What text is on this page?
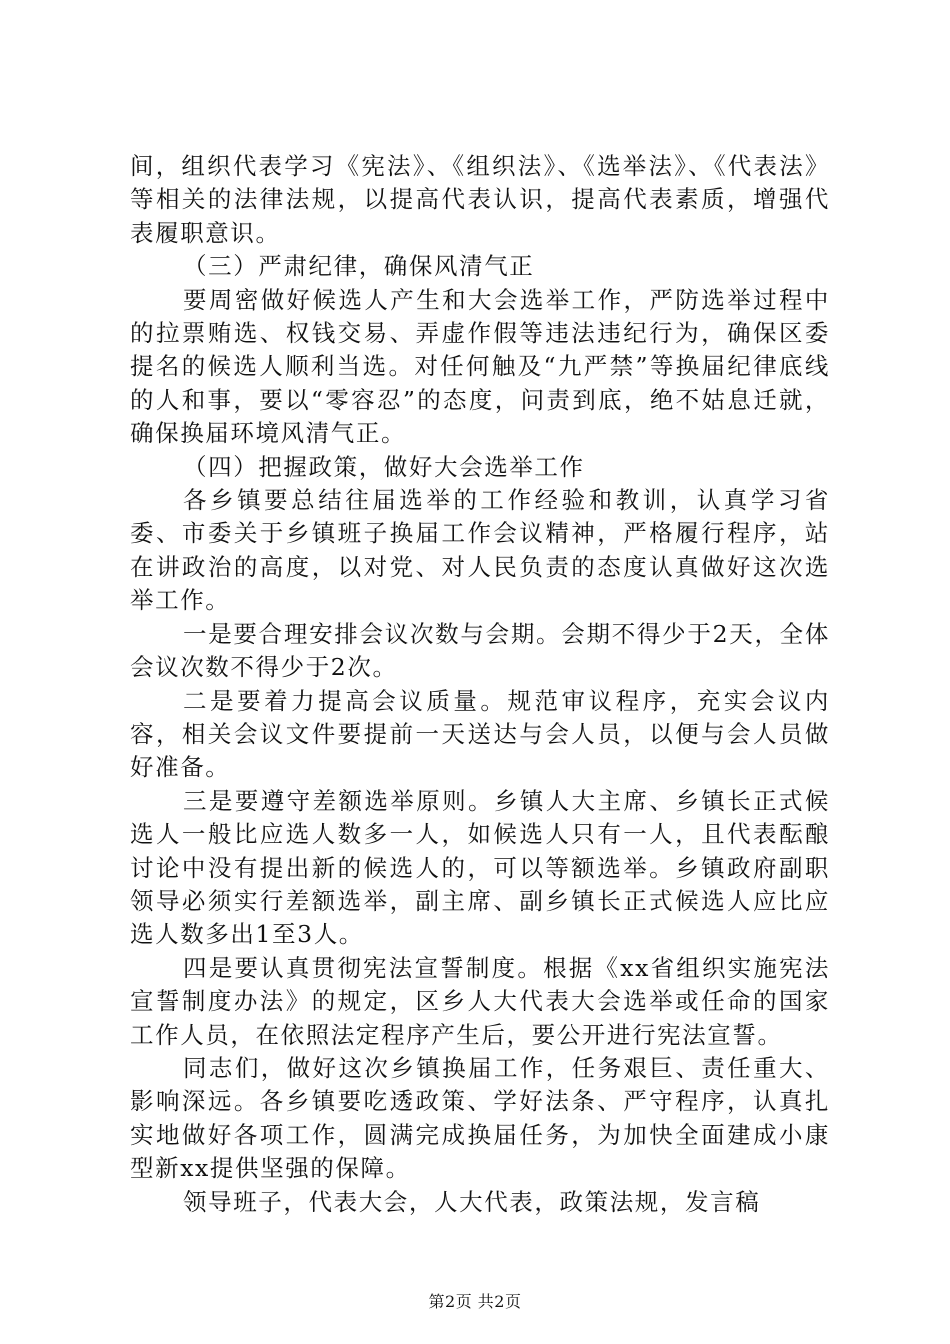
间，组织代表学习《宪法》、《组织法》、《选举法》、《代表法》等相关的法律法规，以提高代表认识，提高代表素质，增强代表履职意识。

（三）严肃纪律，确保风清气正

要周密做好候选人产生和大会选举工作，严防选举过程中的拉票贿选、权钱交易、弄虚作假等违法违纪行为，确保区委提名的候选人顺利当选。对任何触及“九严禁”等换届纪律底线的人和事，要以“零容忍”的态度，问责到底，绝不姑息迁就，确保换届环境风清气正。

（四）把握政策，做好大会选举工作

各乡镇要总结往届选举的工作经验和教训，认真学习省委、市委关于乡镇班子换届工作会议精神，严格履行程序，站在讲政治的高度，以对党、对人民负责的态度认真做好这次选举工作。

一是要合理安排会议次数与会期。会期不得少于2天，全体会议次数不得少于2次。

二是要着力提高会议质量。规范审议程序，充实会议内容，相关会议文件要提前一天送达与会人员，以便与会人员做好准备。

三是要遵守差额选举原则。乡镇人大主席、乡镇长正式候选人一般比应选人数多一人，如候选人只有一人，且代表酝酿讨论中没有提出新的候选人的，可以等额选举。乡镇政府副职领导必须实行差额选举，副主席、副乡镇长正式候选人应比应选人数多出1至3人。

四是要认真贯彻宪法宣誓制度。根据《xx省组织实施宪法宣誓制度办法》的规定，区乡人大代表大会选举或任命的国家工作人员，在依照法定程序产生后，要公开进行宪法宣誓。

同志们，做好这次乡镇换届工作，任务艰巨、责任重大、影响深远。各乡镇要吃透政策、学好法条、严守程序，认真扎实地做好各项工作，圆满完成换届任务，为加快全面建成小康型新xx提供坚强的保障。

领导班子，代表大会，人大代表，政策法规，发言稿

第2页 共2页
